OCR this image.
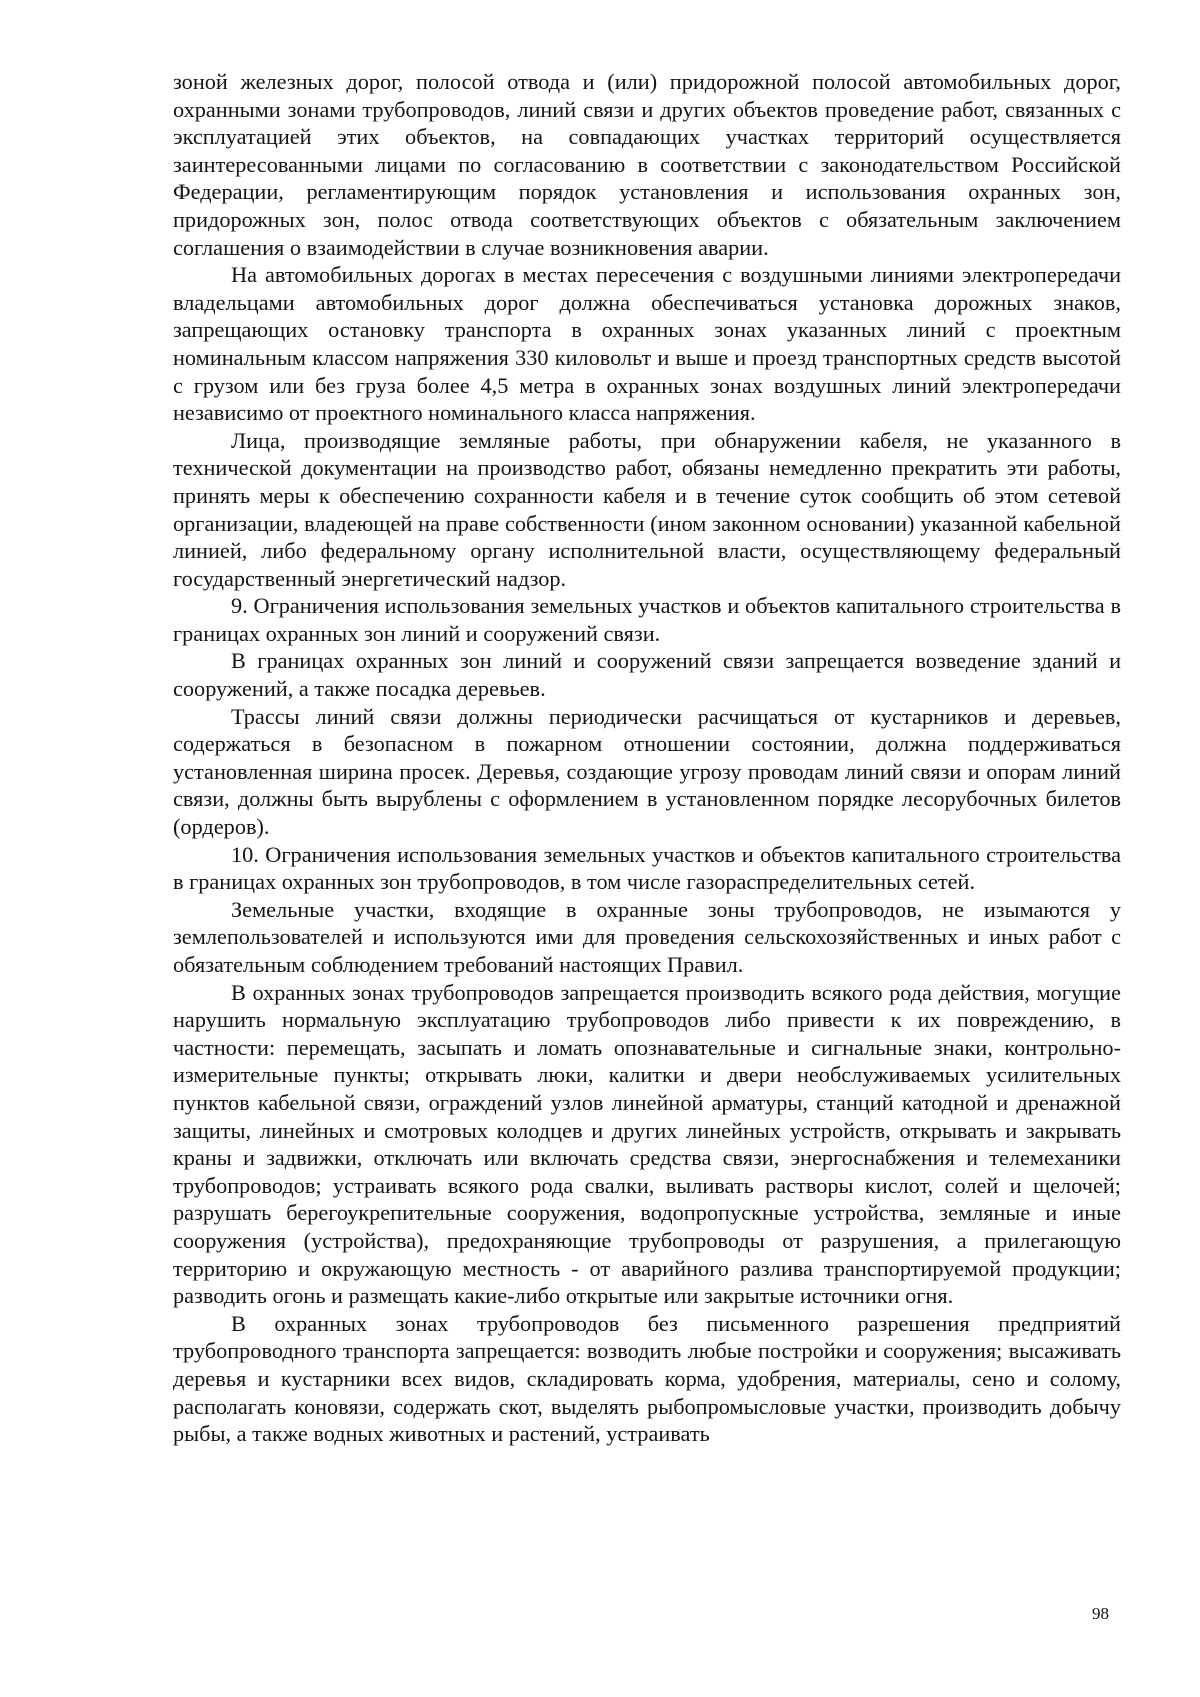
зоной железных дорог, полосой отвода и (или) придорожной полосой автомобильных дорог, охранными зонами трубопроводов, линий связи и других объектов проведение работ, связанных с эксплуатацией этих объектов, на совпадающих участках территорий осуществляется заинтересованными лицами по согласованию в соответствии с законодательством Российской Федерации, регламентирующим порядок установления и использования охранных зон, придорожных зон, полос отвода соответствующих объектов с обязательным заключением соглашения о взаимодействии в случае возникновения аварии.

На автомобильных дорогах в местах пересечения с воздушными линиями электропередачи владельцами автомобильных дорог должна обеспечиваться установка дорожных знаков, запрещающих остановку транспорта в охранных зонах указанных линий с проектным номинальным классом напряжения 330 киловольт и выше и проезд транспортных средств высотой с грузом или без груза более 4,5 метра в охранных зонах воздушных линий электропередачи независимо от проектного номинального класса напряжения.

Лица, производящие земляные работы, при обнаружении кабеля, не указанного в технической документации на производство работ, обязаны немедленно прекратить эти работы, принять меры к обеспечению сохранности кабеля и в течение суток сообщить об этом сетевой организации, владеющей на праве собственности (ином законном основании) указанной кабельной линией, либо федеральному органу исполнительной власти, осуществляющему федеральный государственный энергетический надзор.

9. Ограничения использования земельных участков и объектов капитального строительства в границах охранных зон линий и сооружений связи.

В границах охранных зон линий и сооружений связи запрещается возведение зданий и сооружений, а также посадка деревьев.

Трассы линий связи должны периодически расчищаться от кустарников и деревьев, содержаться в безопасном в пожарном отношении состоянии, должна поддерживаться установленная ширина просек. Деревья, создающие угрозу проводам линий связи и опорам линий связи, должны быть вырублены с оформлением в установленном порядке лесорубочных билетов (ордеров).

10. Ограничения использования земельных участков и объектов капитального строительства в границах охранных зон трубопроводов, в том числе газораспределительных сетей.

Земельные участки, входящие в охранные зоны трубопроводов, не изымаются у землепользователей и используются ими для проведения сельскохозяйственных и иных работ с обязательным соблюдением требований настоящих Правил.

В охранных зонах трубопроводов запрещается производить всякого рода действия, могущие нарушить нормальную эксплуатацию трубопроводов либо привести к их повреждению, в частности: перемещать, засыпать и ломать опознавательные и сигнальные знаки, контрольно-измерительные пункты; открывать люки, калитки и двери необслуживаемых усилительных пунктов кабельной связи, ограждений узлов линейной арматуры, станций катодной и дренажной защиты, линейных и смотровых колодцев и других линейных устройств, открывать и закрывать краны и задвижки, отключать или включать средства связи, энергоснабжения и телемеханики трубопроводов; устраивать всякого рода свалки, выливать растворы кислот, солей и щелочей; разрушать берегоукрепительные сооружения, водопропускные устройства, земляные и иные сооружения (устройства), предохраняющие трубопроводы от разрушения, а прилегающую территорию и окружающую местность - от аварийного разлива транспортируемой продукции; разводить огонь и размещать какие-либо открытые или закрытые источники огня.

В охранных зонах трубопроводов без письменного разрешения предприятий трубопроводного транспорта запрещается: возводить любые постройки и сооружения; высаживать деревья и кустарники всех видов, складировать корма, удобрения, материалы, сено и солому, располагать коновязи, содержать скот, выделять рыбопромысловые участки, производить добычу рыбы, а также водных животных и растений, устраивать

98
